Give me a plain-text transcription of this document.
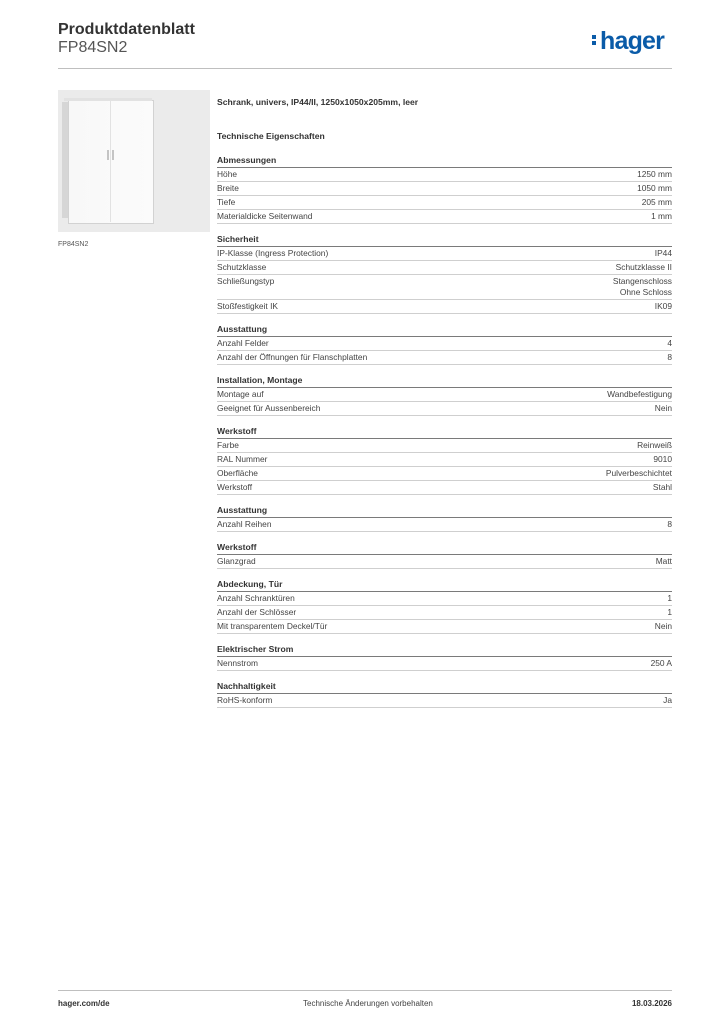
Produktdatenblatt
FP84SN2	hager
FP84SN2
Schrank, univers, IP44/II, 1250x1050x205mm, leer
Technische Eigenschaften
Abmessungen
Höhe	1250 mm
Breite	1050 mm
Tiefe	205 mm
Materialdicke Seitenwand	1 mm
Sicherheit
IP-Klasse (Ingress Protection)	IP44
Schutzklasse	Schutzklasse II
Schließungstyp	Stangenschloss
Ohne Schloss
Stoßfestigkeit IK	IK09
Ausstattung
Anzahl Felder	4
Anzahl der Öffnungen für Flanschplatten	8
Installation, Montage
Montage auf	Wandbefestigung
Geeignet für Aussenbereich	Nein
Werkstoff
Farbe	Reinweiß
RAL Nummer	9010
Oberfläche	Pulverbeschichtet
Werkstoff	Stahl
Ausstattung
Anzahl Reihen	8
Werkstoff
Glanzgrad	Matt
Abdeckung, Tür
Anzahl Schranktüren	1
Anzahl der Schlösser	1
Mit transparentem Deckel/Tür	Nein
Elektrischer Strom
Nennstrom	250 A
Nachhaltigkeit
RoHS-konform	Ja
hager.com/de	Technische Änderungen vorbehalten	18.03.2026
